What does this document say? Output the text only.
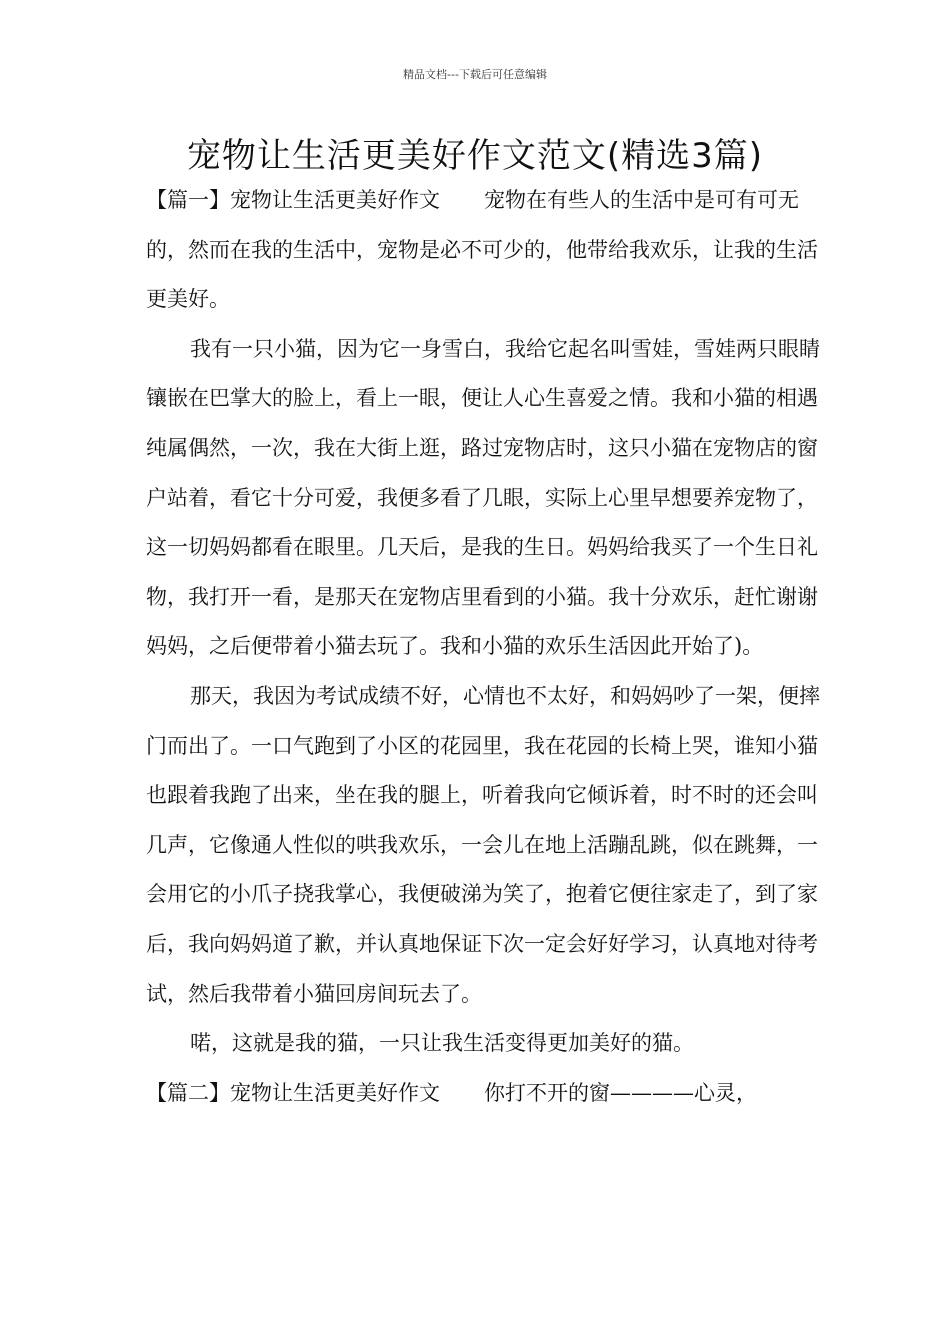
精品文档---下载后可任意编辑
宠物让生活更美好作文范文(精选3篇)

【篇一】宠物让生活更美好作文 宠物在有些人的生活中是可有可无的，然而在我的生活中，宠物是必不可少的，他带给我欢乐，让我的生活更美好。

我有一只小猫，因为它一身雪白，我给它起名叫雪娃，雪娃两只眼睛镶嵌在巴掌大的脸上，看上一眼，便让人心生喜爱之情。我和小猫的相遇纯属偶然，一次，我在大街上逛，路过宠物店时，这只小猫在宠物店的窗户站着，看它十分可爱，我便多看了几眼，实际上心里早想要养宠物了，这一切妈妈都看在眼里。几天后，是我的生日。妈妈给我买了一个生日礼物，我打开一看，是那天在宠物店里看到的小猫。我十分欢乐，赶忙谢谢妈妈，之后便带着小猫去玩了。我和小猫的欢乐生活因此开始了)。

那天，我因为考试成绩不好，心情也不太好，和妈妈吵了一架，便摔门而出了。一口气跑到了小区的花园里，我在花园的长椅上哭，谁知小猫也跟着我跑了出来，坐在我的腿上，听着我向它倾诉着，时不时的还会叫几声，它像通人性似的哄我欢乐，一会儿在地上活蹦乱跳，似在跳舞，一会用它的小爪子挠我掌心，我便破涕为笑了，抱着它便往家走了，到了家后，我向妈妈道了歉，并认真地保证下次一定会好好学习，认真地对待考试，然后我带着小猫回房间玩去了。

喏，这就是我的猫，一只让我生活变得更加美好的猫。

【篇二】宠物让生活更美好作文 你打不开的窗————心灵，
